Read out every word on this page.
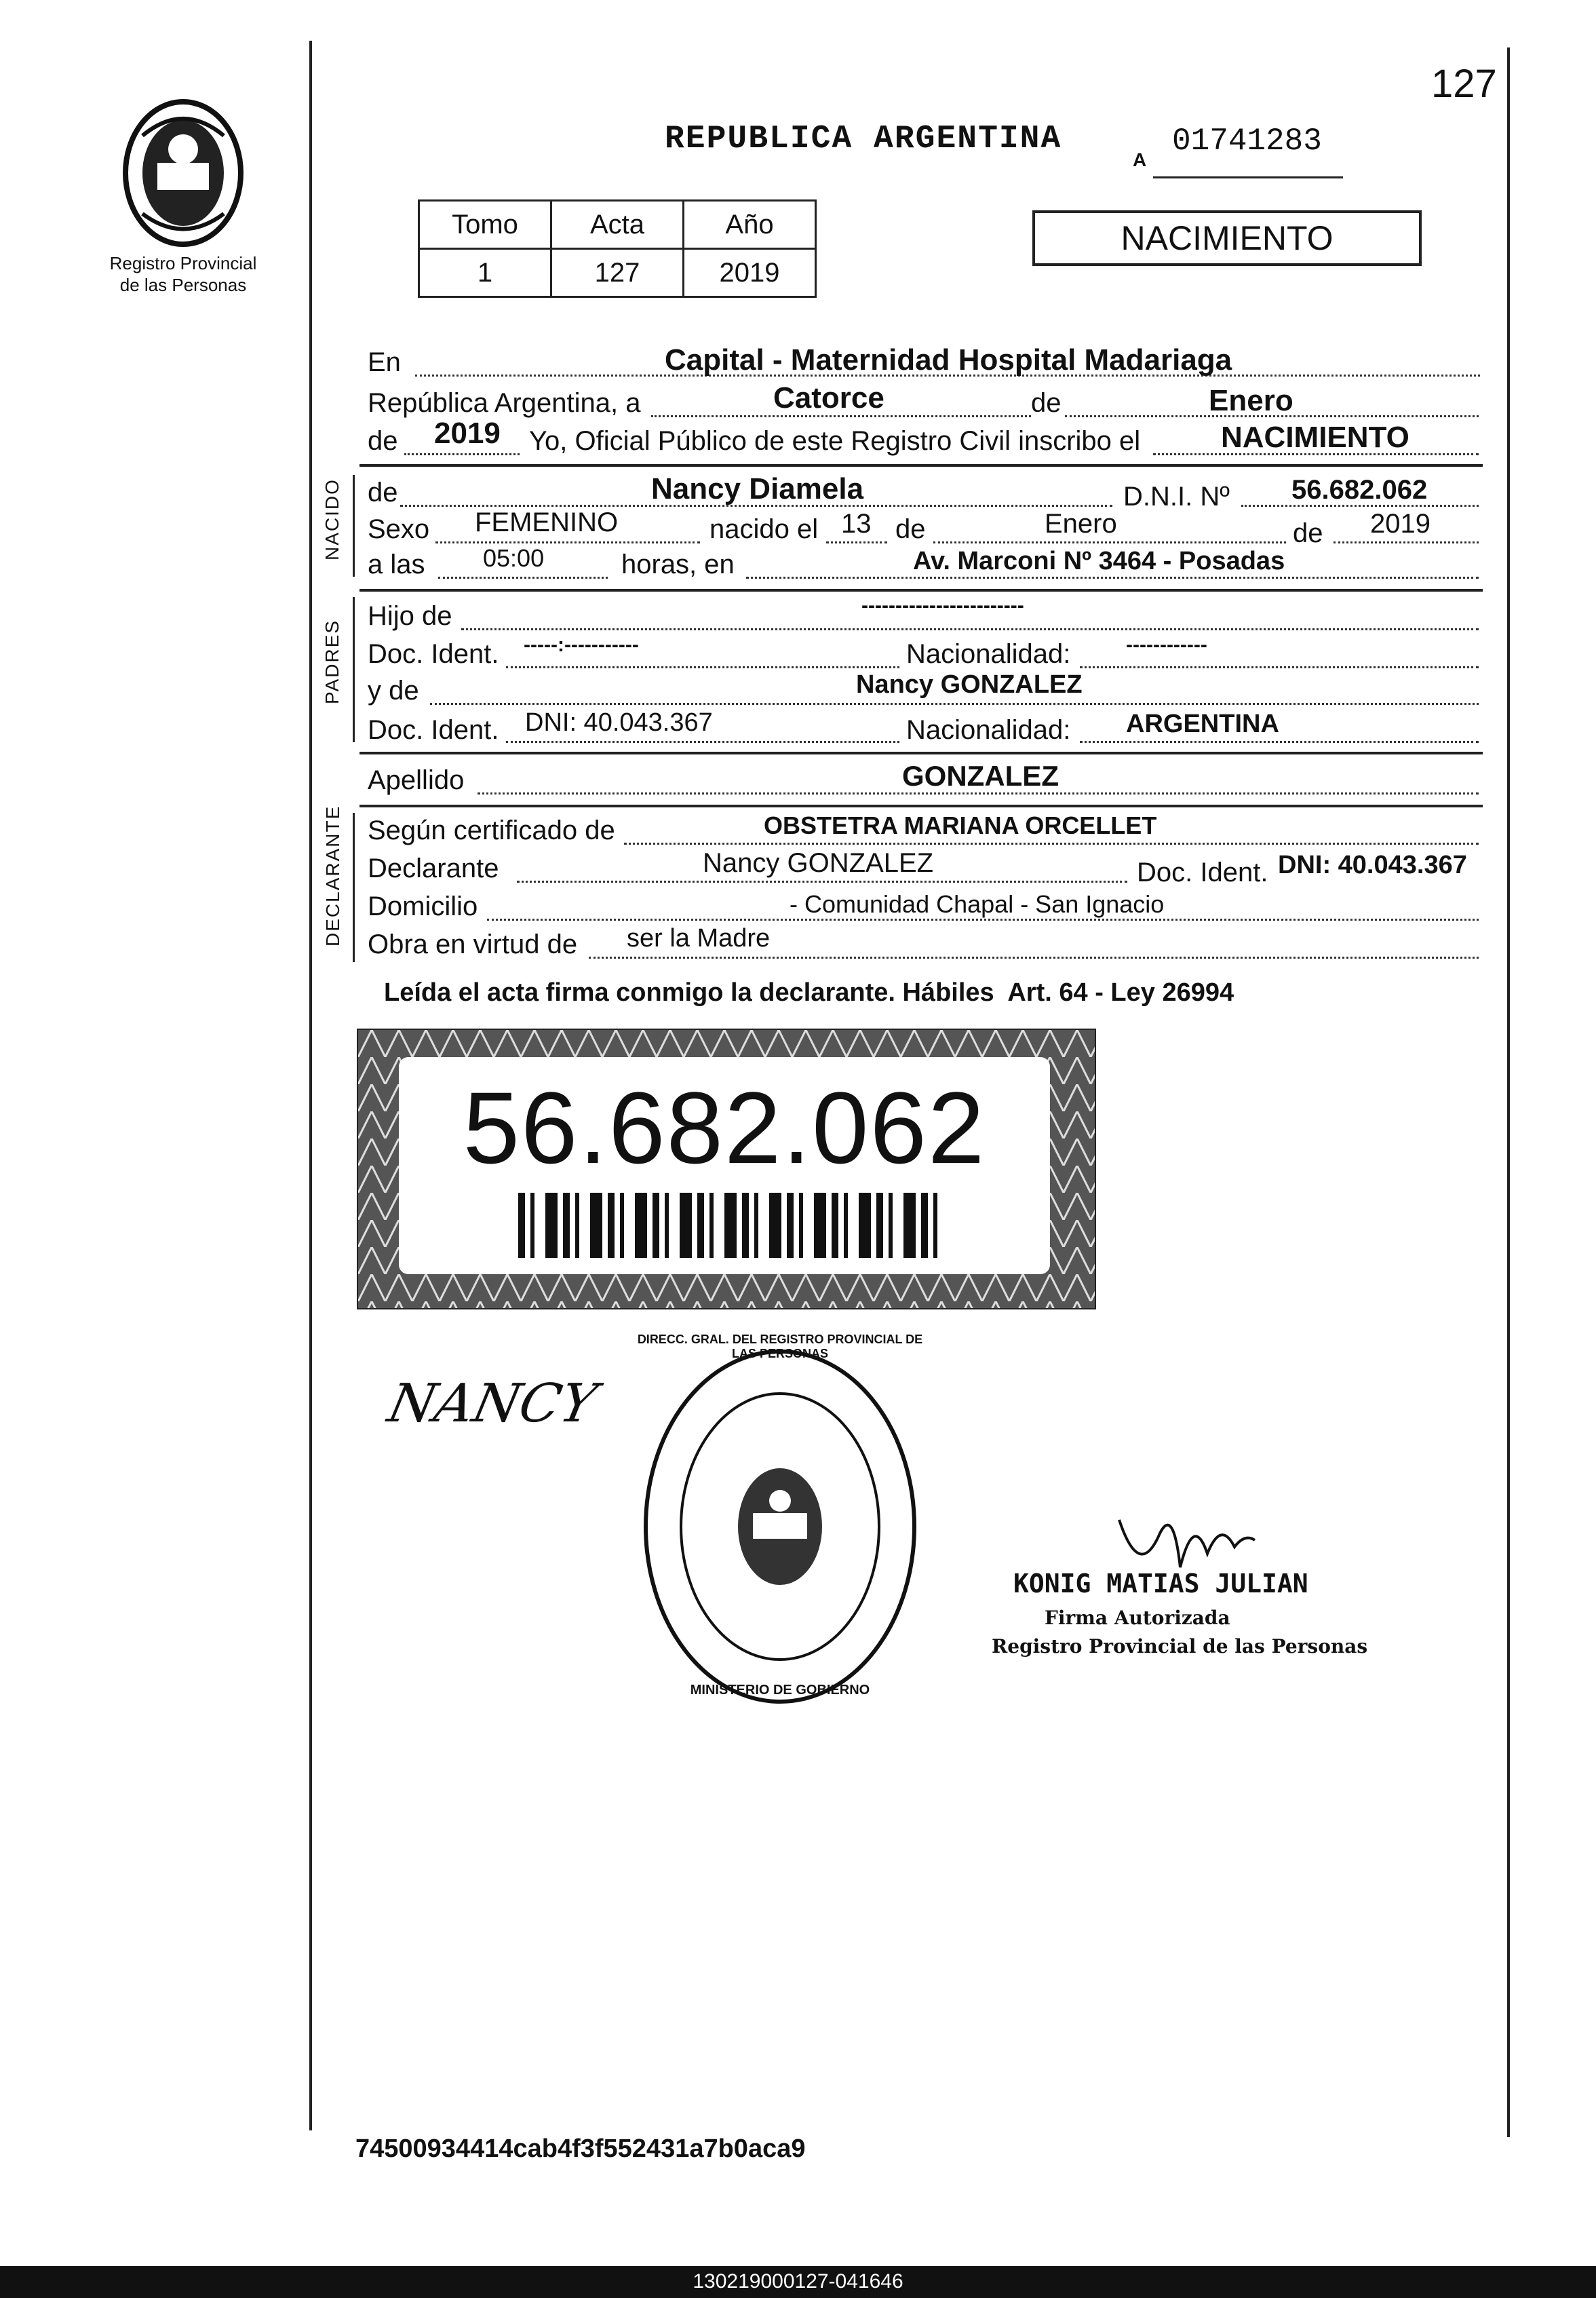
127
Registro Provincial
de las Personas
REPUBLICA ARGENTINA
A
01741283
Tomo	Acta	Año
1	127	2019
NACIMIENTO
En	Capital - Maternidad Hospital Madariaga
República Argentina, a	Catorce	de	Enero
de 2019 Yo, Oficial Público de este Registro Civil inscribo el	NACIMIENTO
NACIDO de	Nancy Diamela	D.N.I. Nº 56.682.062
Sexo FEMENINO	nacido el 13 de	Enero	de 2019
a las 05:00	horas, en	Av. Marconi Nº 3464 - Posadas
PADRES
Hijo de	------------------------
Doc. Ident. -----:-----------	Nacionalidad:	------------
y de	Nancy GONZALEZ
Doc. Ident. DNI: 40.043.367	Nacionalidad: ARGENTINA
Apellido	GONZALEZ
DECLARANTE Según certificado de	OBSTETRA MARIANA ORCELLET
Declarante	Nancy GONZALEZ	Doc. Ident. DNI: 40.043.367
Domicilio	- Comunidad Chapal - San Ignacio
Obra en virtud de ser la Madre
Leída el acta firma conmigo la declarante. Hábiles  Art. 64 - Ley 26994
56.682.062
NANCY
DIRECC. GRAL. DEL REGISTRO PROVINCIAL DE LAS PERSONAS
MINISTERIO DE GOBIERNO
KONIG MATIAS JULIAN
Firma Autorizada
Registro Provincial de las Personas
74500934414cab4f3f552431a7b0aca9
130219000127-041646
